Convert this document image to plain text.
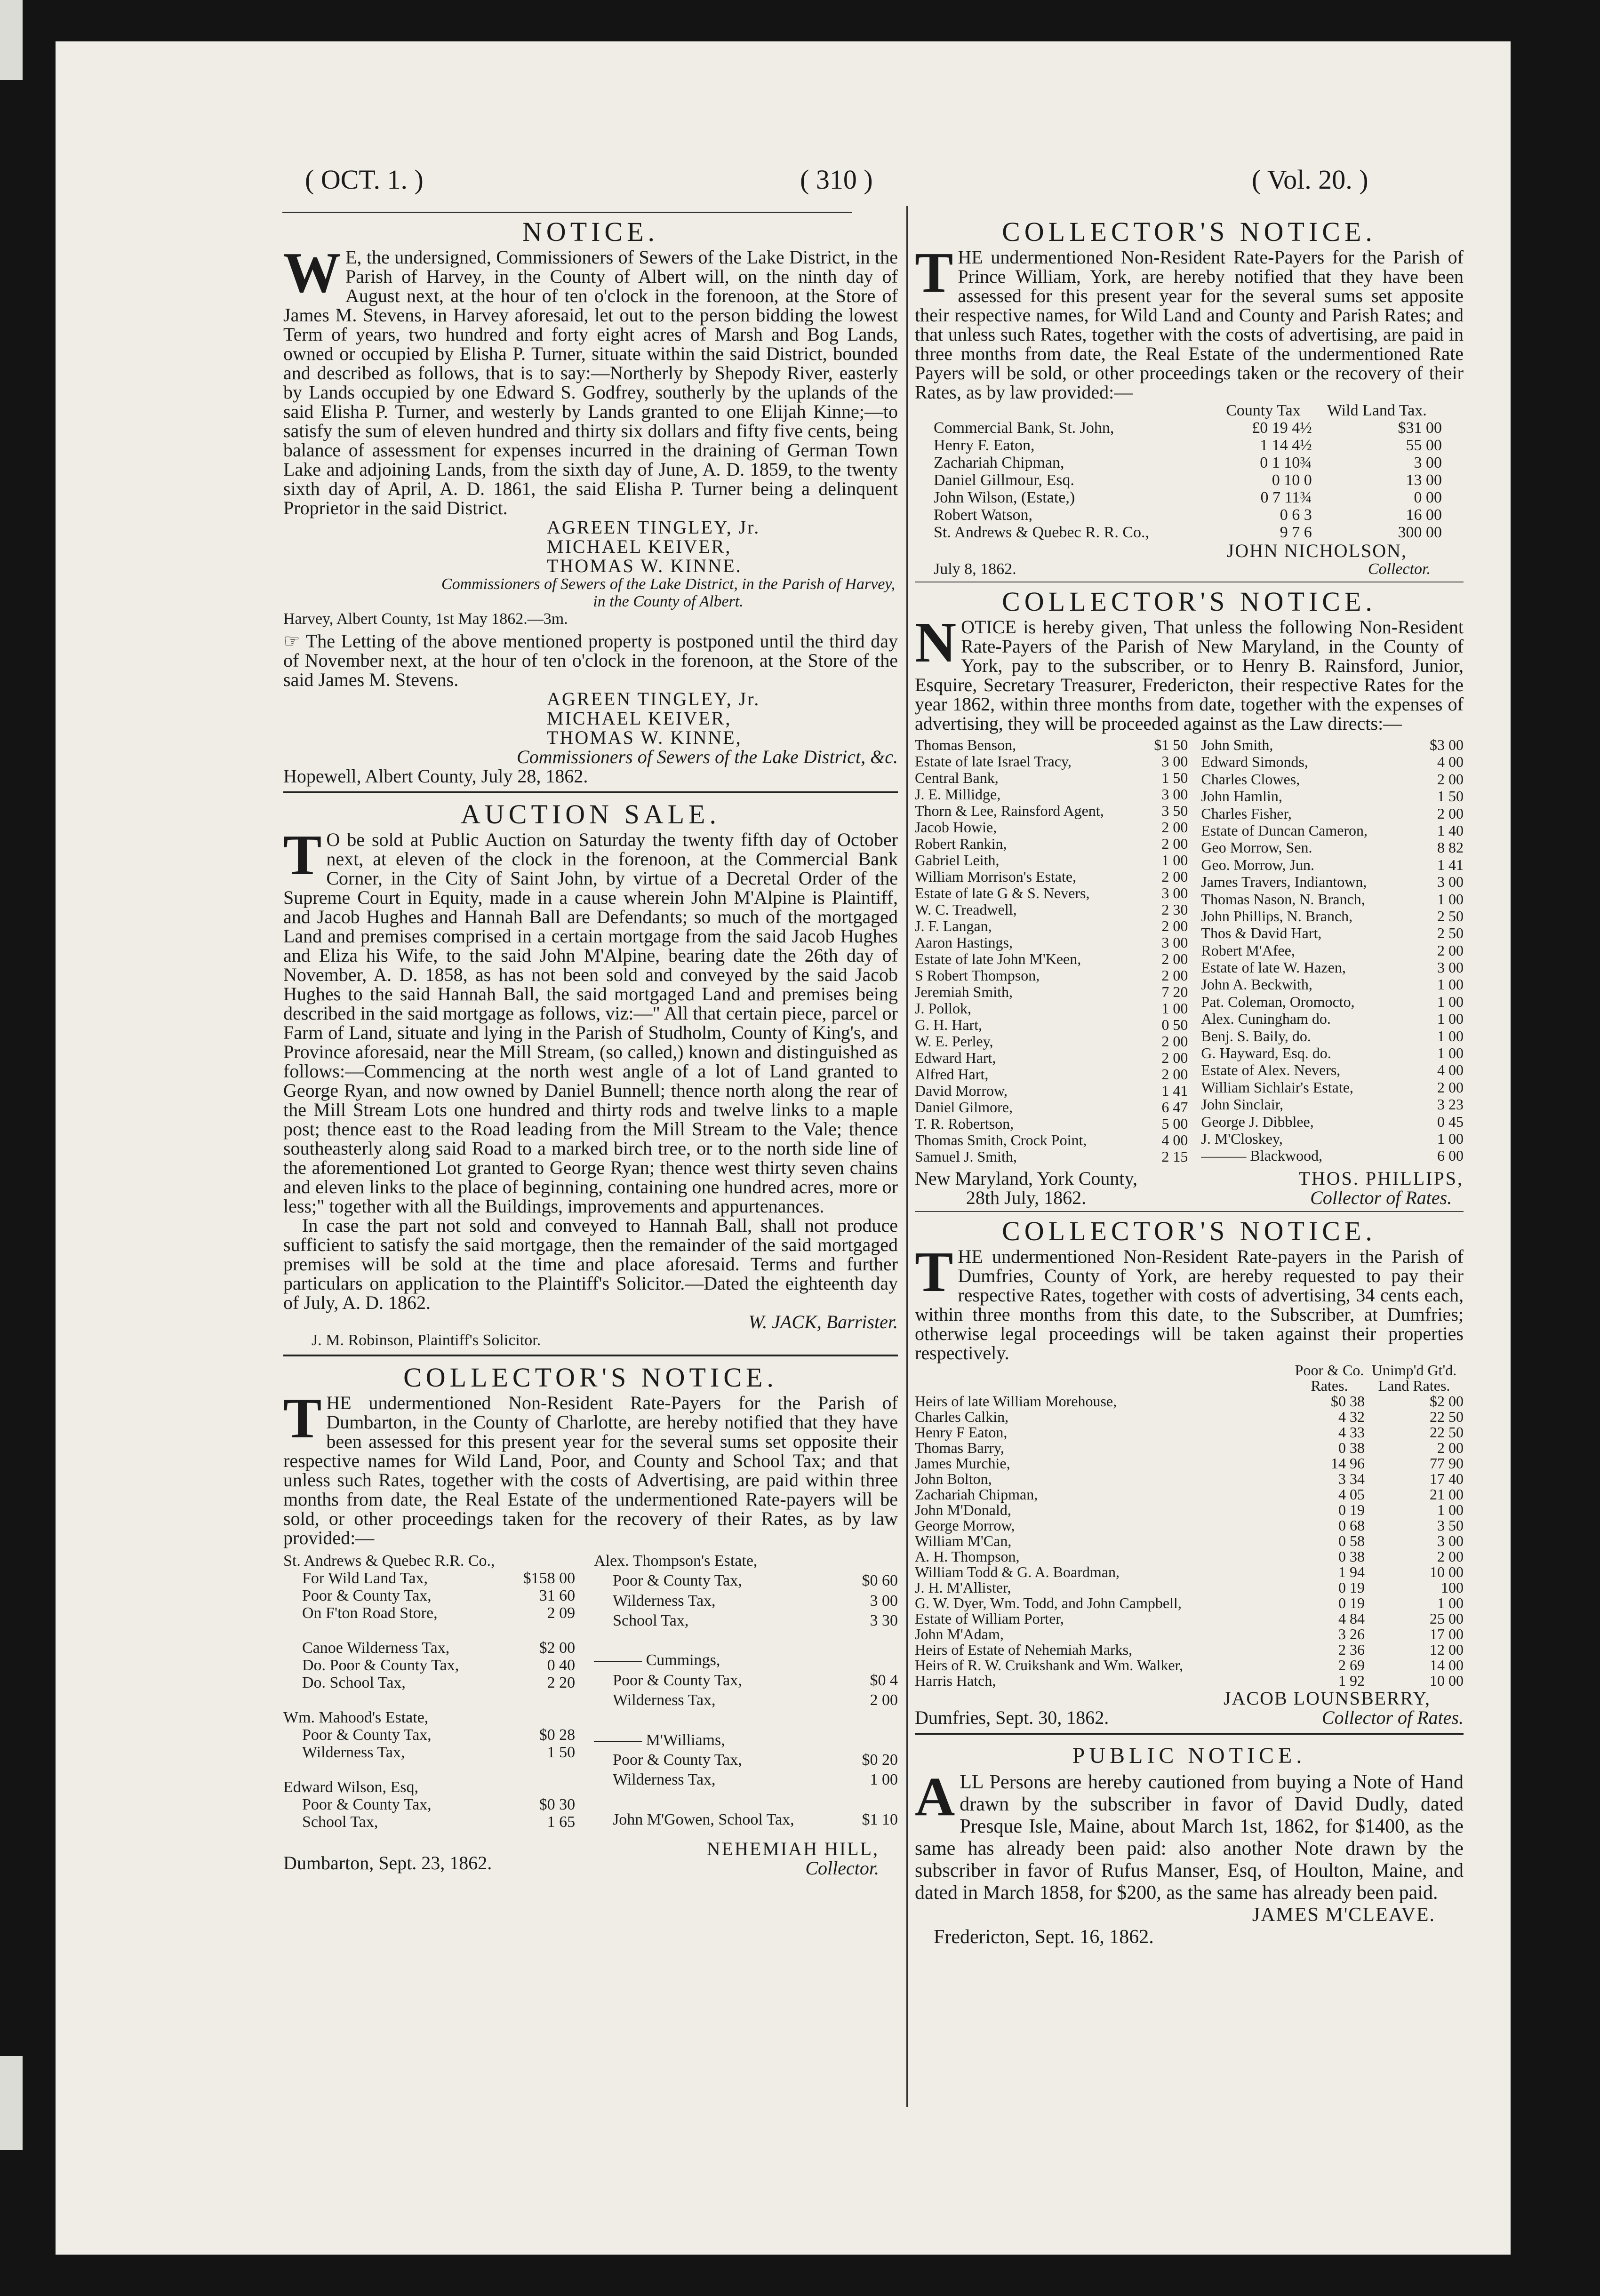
( OCT. 1. )	( 310 )	( Vol. 20. )

NOTICE.

W E, the undersigned, Commissioners of Sewers of the Lake District, in the Parish of Harvey, in the County of Albert will, on the ninth day of August next, at the hour of ten o'clock in the forenoon, at the Store of James M. Stevens, in Harvey aforesaid, let out to the person bidding the lowest Term of years, two hundred and forty eight acres of Marsh and Bog Lands, owned or occupied by Elisha P. Turner, situate within the said District, bounded and described as follows, that is to say:—Northerly by Shepody River, easterly by Lands occupied by one Edward S. Godfrey, southerly by the uplands of the said Elisha P. Turner, and westerly by Lands granted to one Elijah Kinne;—to satisfy the sum of eleven hundred and thirty six dollars and fifty five cents, being balance of assessment for expenses incurred in the draining of German Town Lake and adjoining Lands, from the sixth day of June, A. D. 1859, to the twenty sixth day of April, A. D. 1861, the said Elisha P. Turner being a delinquent Proprietor in the said District.

AGREEN TINGLEY, Jr.

MICHAEL KEIVER,

THOMAS W. KINNE.

Commissioners of Sewers of the Lake District, in the Parish of Harvey, in the County of Albert.

Harvey, Albert County, 1st May 1862.—3m.

☞ The Letting of the above mentioned property is postponed until the third day of November next, at the hour of ten o'clock in the forenoon, at the Store of the said James M. Stevens.

AGREEN TINGLEY, Jr.

MICHAEL KEIVER,

THOMAS W. KINNE,

Commissioners of Sewers of the Lake District, &c.

Hopewell, Albert County, July 28, 1862.

AUCTION SALE.

T O be sold at Public Auction on Saturday the twenty fifth day of October next, at eleven of the clock in the forenoon, at the Commercial Bank Corner, in the City of Saint John, by virtue of a Decretal Order of the Supreme Court in Equity, made in a cause wherein John M'Alpine is Plaintiff, and Jacob Hughes and Hannah Ball are Defendants; so much of the mortgaged Land and premises comprised in a certain mortgage from the said Jacob Hughes and Eliza his Wife, to the said John M'Alpine, bearing date the 26th day of November, A. D. 1858, as has not been sold and conveyed by the said Jacob Hughes to the said Hannah Ball, the said mortgaged Land and premises being described in the said mortgage as follows, viz:—" All that certain piece, parcel or Farm of Land, situate and lying in the Parish of Studholm, County of King's, and Province aforesaid, near the Mill Stream, (so called,) known and distinguished as follows:—Commencing at the north west angle of a lot of Land granted to George Ryan, and now owned by Daniel Bunnell; thence north along the rear of the Mill Stream Lots one hundred and thirty rods and twelve links to a maple post; thence east to the Road leading from the Mill Stream to the Vale; thence southeasterly along said Road to a marked birch tree, or to the north side line of the aforementioned Lot granted to George Ryan; thence west thirty seven chains and eleven links to the place of beginning, containing one hundred acres, more or less;" together with all the Buildings, improvements and appurtenances.

In case the part not sold and conveyed to Hannah Ball, shall not produce sufficient to satisfy the said mortgage, then the remainder of the said mortgaged premises will be sold at the time and place aforesaid. Terms and further particulars on application to the Plaintiff's Solicitor.—Dated the eighteenth day of July, A. D. 1862.

W. JACK, Barrister.

J. M. Robinson, Plaintiff's Solicitor.

COLLECTOR'S NOTICE.

THE undermentioned Non-Resident Rate-Payers for the Parish of Dumbarton, in the County of Charlotte, are hereby notified that they have been assessed for this present year for the several sums set opposite their respective names for Wild Land, Poor, and County and School Tax; and that unless such Rates, together with the costs of Advertising, are paid within three months from date, the Real Estate of the undermentioned Rate-payers will be sold, or other proceedings taken for the recovery of their Rates, as by law provided:—

St. Andrews & Quebec R.R. Co.,	
For Wild Land Tax,	$158 00
Poor & County Tax,	31 60
On F'ton Road Store,	2 09

Canoe Wilderness Tax,	$2 00
Do. Poor & County Tax,	0 40
Do. School Tax,	2 20

Wm. Mahood's Estate,	
Poor & County Tax,	$0 28
Wilderness Tax,	1 50

Edward Wilson, Esq,	
Poor & County Tax,	$0 30
School Tax,	1 65
Alex. Thompson's Estate,	
Poor & County Tax,	$0 60
Wilderness Tax,	3 00
School Tax,	3 30

——— Cummings,	
Poor & County Tax,	$0 4
Wilderness Tax,	2 00

——— M'Williams,	
Poor & County Tax,	$0 20
Wilderness Tax,	1 00

John M'Gowen, School Tax,	$1 10

Dumbarton, Sept. 23, 1862.

NEHEMIAH HILL,

Collector.

COLLECTOR'S NOTICE.

THE undermentioned Non-Resident Rate-Payers for the Parish of Prince William, York, are hereby notified that they have been assessed for this present year for the several sums set apposite their respective names, for Wild Land and County and Parish Rates; and that unless such Rates, together with the costs of advertising, are paid in three months from date, the Real Estate of the undermentioned Rate Payers will be sold, or other proceedings taken or the recovery of their Rates, as by law provided:—

	County Tax	Wild Land Tax.
Commercial Bank, St. John,	£0 19 4½	$31 00
Henry F. Eaton,	1 14 4½	55 00
Zachariah Chipman,	0 1 10¾	3 00
Daniel Gillmour, Esq.	0 10 0	13 00
John Wilson, (Estate,)	0 7 11¾	0 00
Robert Watson,	0 6 3	16 00
St. Andrews & Quebec R. R. Co.,	9 7 6	300 00

JOHN NICHOLSON,

July 8, 1862.	Collector.

COLLECTOR'S NOTICE.

NOTICE is hereby given, That unless the following Non-Resident Rate-Payers of the Parish of New Maryland, in the County of York, pay to the subscriber, or to Henry B. Rainsford, Junior, Esquire, Secretary Treasurer, Fredericton, their respective Rates for the year 1862, within three months from date, together with the expenses of advertising, they will be proceeded against as the Law directs:—

Thomas Benson,	$1 50
Estate of late Israel Tracy,	3 00
Central Bank,	1 50
J. E. Millidge,	3 00
Thorn & Lee, Rainsford Agent,	3 50
Jacob Howie,	2 00
Robert Rankin,	2 00
Gabriel Leith,	1 00
William Morrison's Estate,	2 00
Estate of late G & S. Nevers,	3 00
W. C. Treadwell,	2 30
J. F. Langan,	2 00
Aaron Hastings,	3 00
Estate of late John M'Keen,	2 00
S Robert Thompson,	2 00
Jeremiah Smith,	7 20
J. Pollok,	1 00
G. H. Hart,	0 50
W. E. Perley,	2 00
Edward Hart,	2 00
Alfred Hart,	2 00
David Morrow,	1 41
Daniel Gilmore,	6 47
T. R. Robertson,	5 00
Thomas Smith, Crock Point,	4 00
Samuel J. Smith,	2 15
John Smith,	$3 00
Edward Simonds,	4 00
Charles Clowes,	2 00
John Hamlin,	1 50
Charles Fisher,	2 00
Estate of Duncan Cameron,	1 40
Geo Morrow, Sen.	8 82
Geo. Morrow, Jun.	1 41
James Travers, Indiantown,	3 00
Thomas Nason, N. Branch,	1 00
John Phillips, N. Branch,	2 50
Thos & David Hart,	2 50
Robert M'Afee,	2 00
Estate of late W. Hazen,	3 00
John A. Beckwith,	1 00
Pat. Coleman, Oromocto,	1 00
Alex. Cuningham do.	1 00
Benj. S. Baily, do.	1 00
G. Hayward, Esq. do.	1 00
Estate of Alex. Nevers,	4 00
William Sichlair's Estate,	2 00
John Sinclair,	3 23
George J. Dibblee,	0 45
J. M'Closkey,	1 00
——— Blackwood,	6 00

New Maryland, York County,

28th July, 1862.

THOS. PHILLIPS,

Collector of Rates.

COLLECTOR'S NOTICE.

THE undermentioned Non-Resident Rate-payers in the Parish of Dumfries, County of York, are hereby requested to pay their respective Rates, together with costs of advertising, 34 cents each, within three months from this date, to the Subscriber, at Dumfries; otherwise legal proceedings will be taken against their properties respectively.

	Poor & Co. Rates.	Unimp'd Gt'd. Land Rates.
Heirs of late William Morehouse,	$0 38	$2 00
Charles Calkin,	4 32	22 50
Henry F Eaton,	4 33	22 50
Thomas Barry,	0 38	2 00
James Murchie,	14 96	77 90
John Bolton,	3 34	17 40
Zachariah Chipman,	4 05	21 00
John M'Donald,	0 19	1 00
George Morrow,	0 68	3 50
William M'Can,	0 58	3 00
A. H. Thompson,	0 38	2 00
William Todd & G. A. Boardman,	1 94	10 00
J. H. M'Allister,	0 19	100
G. W. Dyer, Wm. Todd, and John Campbell,	0 19	1 00
Estate of William Porter,	4 84	25 00
John M'Adam,	3 26	17 00
Heirs of Estate of Nehemiah Marks,	2 36	12 00
Heirs of R. W. Cruikshank and Wm. Walker,	2 69	14 00
Harris Hatch,	1 92	10 00

JACOB LOUNSBERRY,

Dumfries, Sept. 30, 1862.	Collector of Rates.

PUBLIC NOTICE.

ALL Persons are hereby cautioned from buying a Note of Hand drawn by the subscriber in favor of David Dudly, dated Presque Isle, Maine, about March 1st, 1862, for $1400, as the same has already been paid: also another Note drawn by the subscriber in favor of Rufus Manser, Esq, of Houlton, Maine, and dated in March 1858, for $200, as the same has already been paid.

JAMES M'CLEAVE.

Fredericton, Sept. 16, 1862.
